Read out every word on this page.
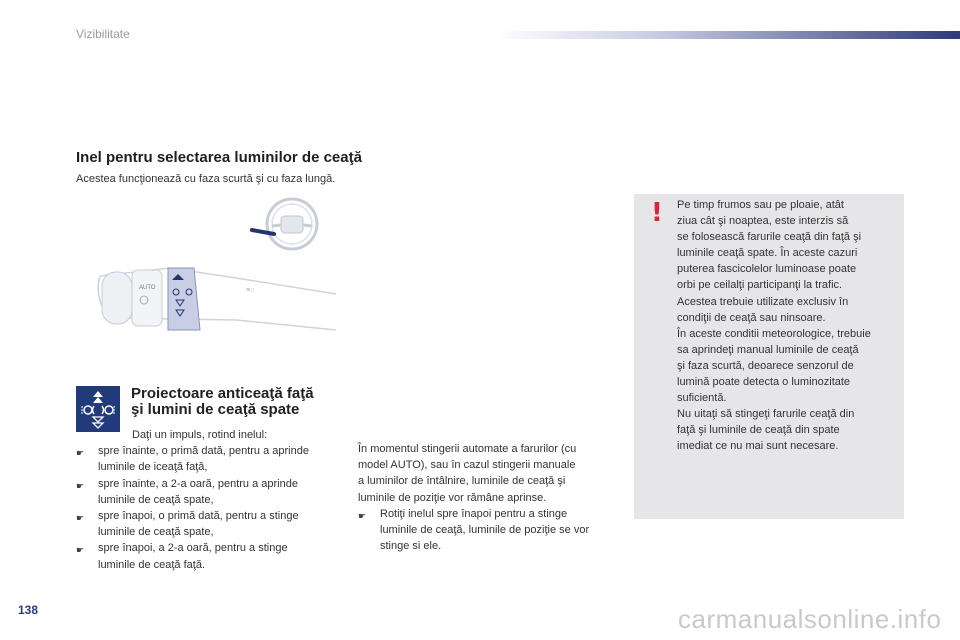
Vizibilitate
Inel pentru selectarea luminilor de ceaţă
Acestea funcţionează cu faza scurtă şi cu faza lungă.
AUTO	≡○
Proiectoare anticeaţă faţă
şi lumini de ceaţă spate
Daţi un impuls, rotind inelul:
☛	spre înainte, o primă dată, pentru a aprinde
luminile de iceaţă faţă,
☛	spre înainte, a 2-a oară, pentru a aprinde
luminile de ceaţă spate,
☛	spre înapoi, o primă dată, pentru a stinge
luminile de ceaţă spate,
☛	spre înapoi, a 2-a oară, pentru a stinge
luminile de ceaţă faţă.
În momentul stingerii automate a farurilor (cu
model AUTO), sau în cazul stingerii manuale
a luminilor de întâlnire, luminile de ceaţă şi
luminile de poziţie vor rămâne aprinse.
☛	Rotiţi inelul spre înapoi pentru a stinge
luminile de ceaţă, luminile de poziţie se vor
stinge si ele.
! Pe timp frumos sau pe ploaie, atât
ziua cât şi noaptea, este interzis să
se folosească farurile ceaţă din faţă şi
luminile ceaţă spate. În aceste cazuri
puterea fascicolelor luminoase poate
orbi pe ceilalţi participanţi la trafic.
Acestea trebuie utilizate exclusiv în
condiţii de ceaţă sau ninsoare.
În aceste conditii meteorologice, trebuie
sa aprindeţi manual luminile de ceaţă
şi faza scurtă, deoarece senzorul de
lumină poate detecta o luminozitate
suficientă.
Nu uitaţi să stingeţi farurile ceaţă din
faţă şi luminile de ceaţă din spate
imediat ce nu mai sunt necesare.
138	carmanualsonline.info
